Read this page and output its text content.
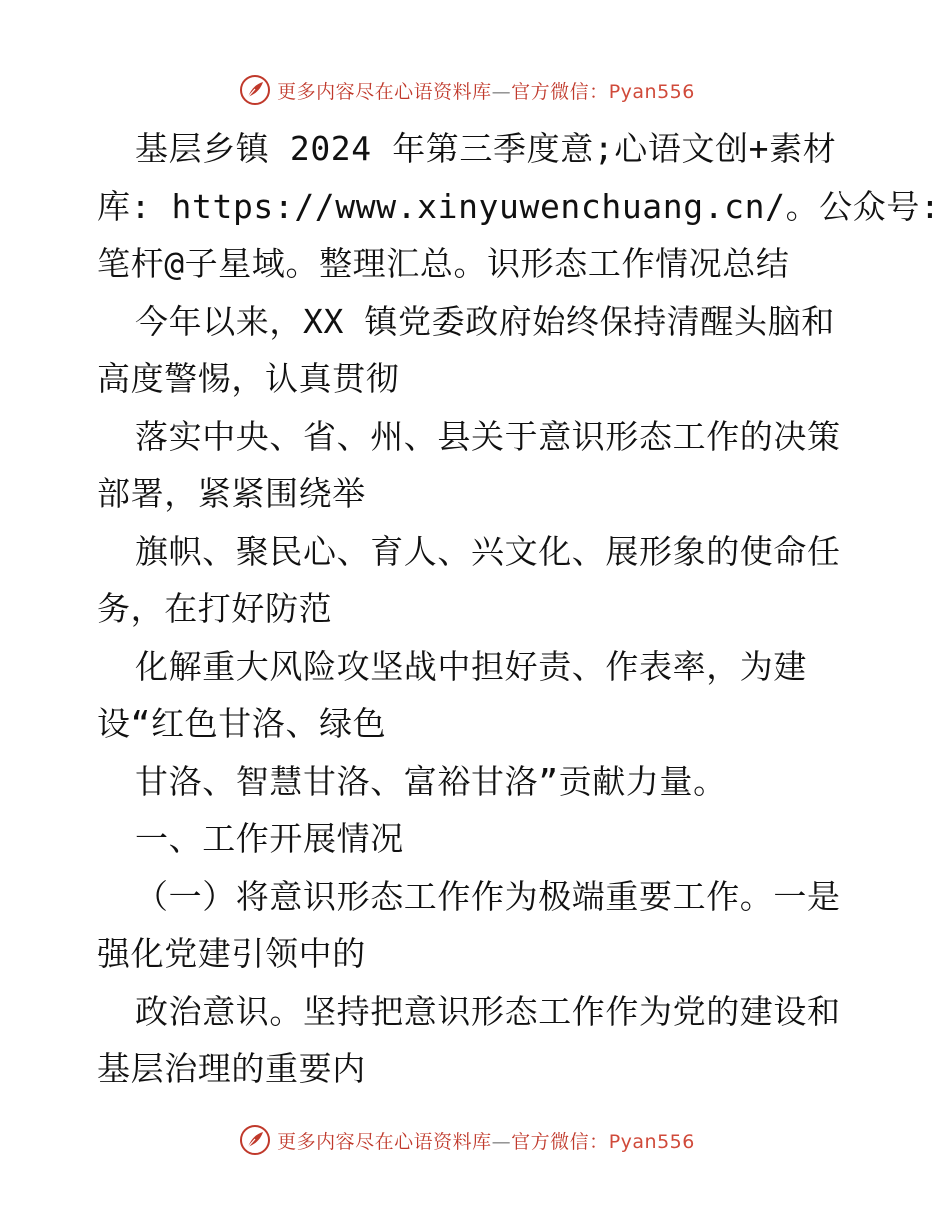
更多内容尽在心语资料库—官方微信：Pyan556
基层乡镇 2024 年第三季度意;心语文创+素材
库: https://www.xinyuwenchuang.cn/。公众号:
笔杆@子星域。整理汇总。识形态工作情况总结
今年以来，XX 镇党委政府始终保持清醒头脑和
高度警惕，认真贯彻
落实中央、省、州、县关于意识形态工作的决策
部署，紧紧围绕举
旗帜、聚民心、育人、兴文化、展形象的使命任
务，在打好防范
化解重大风险攻坚战中担好责、作表率，为建
设“红色甘洛、绿色
甘洛、智慧甘洛、富裕甘洛”贡献力量。
一、工作开展情况
（一）将意识形态工作作为极端重要工作。一是
强化党建引领中的
政治意识。坚持把意识形态工作作为党的建设和
基层治理的重要内
更多内容尽在心语资料库—官方微信：Pyan556
